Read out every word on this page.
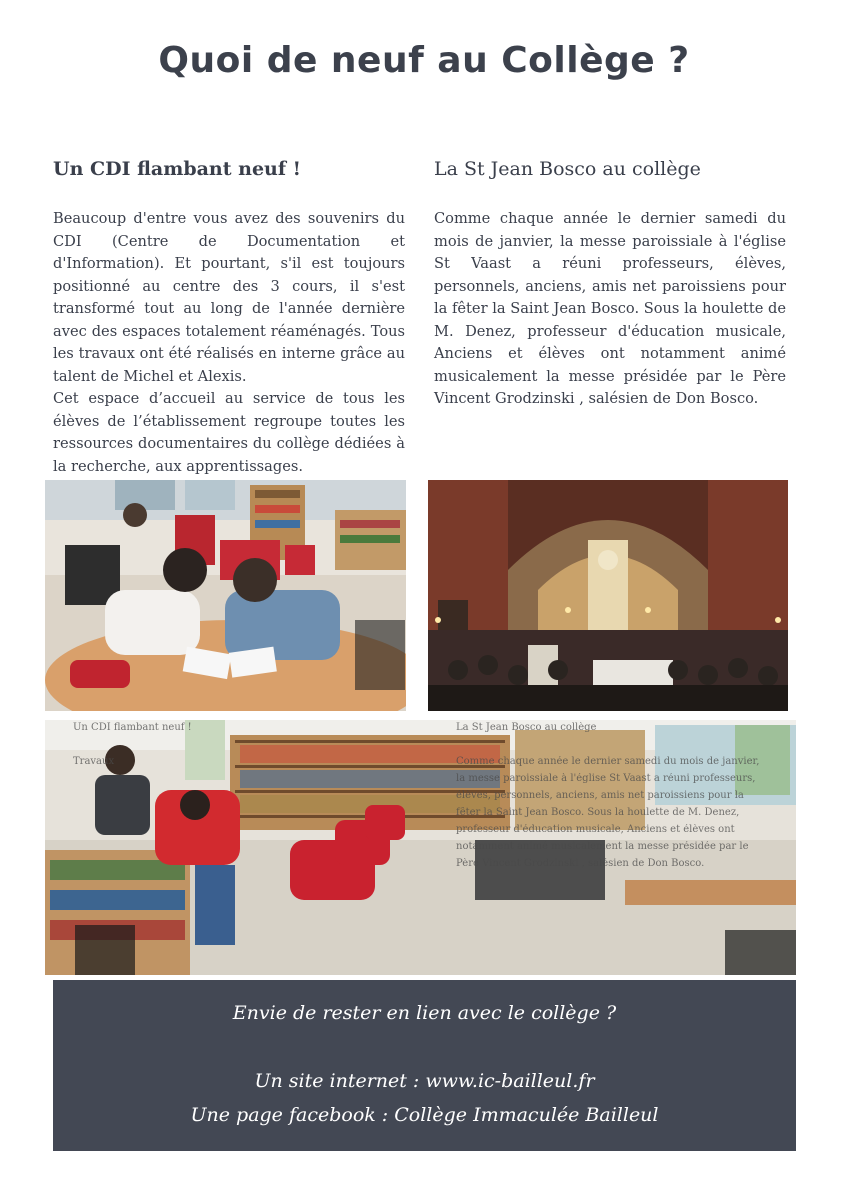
Quoi de neuf au Collège ?
Un CDI flambant neuf !

Beaucoup d'entre vous avez des souvenirs du CDI (Centre de Documentation et d'Information). Et pourtant, s'il est toujours positionné au centre des 3 cours, il s'est transformé tout au long de l'année dernière avec des espaces totalement réaménagés. Tous les travaux ont été réalisés en interne grâce au talent de Michel et Alexis.

Cet espace d’accueil au service de tous les élèves de l’établissement regroupe toutes les ressources documentaires du collège dédiées à la recherche, aux apprentissages.

La St Jean Bosco au collège

Comme chaque année le dernier samedi du mois de janvier, la messe paroissiale à l'église St Vaast a réuni professeurs, élèves, personnels, anciens, amis net paroissiens pour la fêter la Saint Jean Bosco. Sous la houlette de M. Denez, professeur d'éducation musicale, Anciens et élèves ont notamment animé musicalement la messe présidée par le Père Vincent Grodzinski , salésien de Don Bosco.

Un CDI flambant neuf !
Travaux
La St Jean Bosco au collège
Comme chaque année le dernier samedi du mois de janvier,
la messe paroissiale à l'église St Vaast a réuni professeurs,
élèves, personnels, anciens, amis net paroissiens pour la
fêter la Saint Jean Bosco. Sous la houlette de M. Denez,
professeur d'éducation musicale, Anciens et élèves ont
notamment animé musicalement la messe présidée par le
Père Vincent Grodzinski , salésien de Don Bosco.
Envie de rester en lien avec le collège ?
Un site internet : www.ic-bailleul.fr
Une page facebook : Collège Immaculée Bailleul
